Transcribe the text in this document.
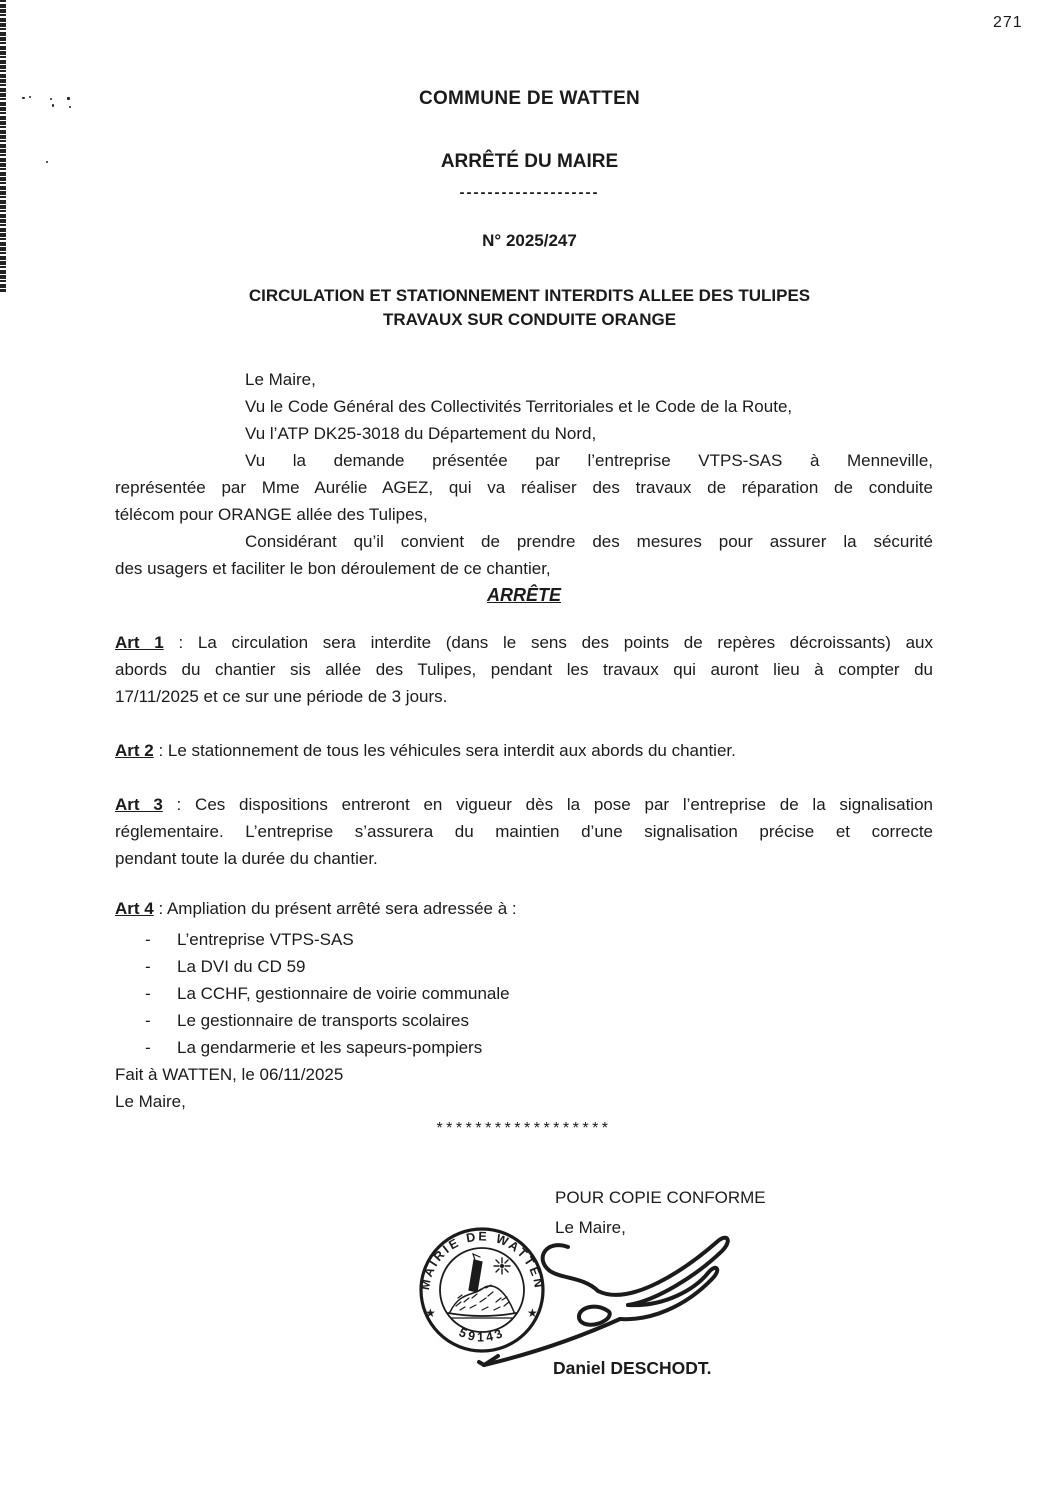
271

COMMUNE DE WATTEN

ARRÊTÉ DU MAIRE

--------------------

N° 2025/247

CIRCULATION ET STATIONNEMENT INTERDITS ALLEE DES TULIPES

TRAVAUX SUR CONDUITE ORANGE

Le Maire,

Vu le Code Général des Collectivités Territoriales et le Code de la Route,

Vu l’ATP DK25-3018 du Département du Nord,

Vu la demande présentée par l’entreprise VTPS-SAS à Menneville,
représentée par Mme Aurélie AGEZ, qui va réaliser des travaux de réparation de conduite
télécom pour ORANGE allée des Tulipes,
Considérant qu’il convient de prendre des mesures pour assurer la sécurité
des usagers et faciliter le bon déroulement de ce chantier,

ARRÊTE

Art 1 : La circulation sera interdite (dans le sens des points de repères décroissants) aux
abords du chantier sis allée des Tulipes, pendant les travaux qui auront lieu à compter du
17/11/2025 et ce sur une période de 3 jours.
Art 2 : Le stationnement de tous les véhicules sera interdit aux abords du chantier.
Art 3 : Ces dispositions entreront en vigueur dès la pose par l’entreprise de la signalisation
réglementaire. L’entreprise s’assurera du maintien d’une signalisation précise et correcte
pendant toute la durée du chantier.
Art 4 : Ampliation du présent arrêté sera adressée à :

- L’entreprise VTPS-SAS

- La DVI du CD 59

- La CCHF, gestionnaire de voirie communale

- Le gestionnaire de transports scolaires

- La gendarmerie et les sapeurs-pompiers

Fait à WATTEN, le 06/11/2025

Le Maire,

******************

POUR COPIE CONFORME

Le Maire,

MAIRIE DE WATTEN
59143
★	★

Daniel DESCHODT.
